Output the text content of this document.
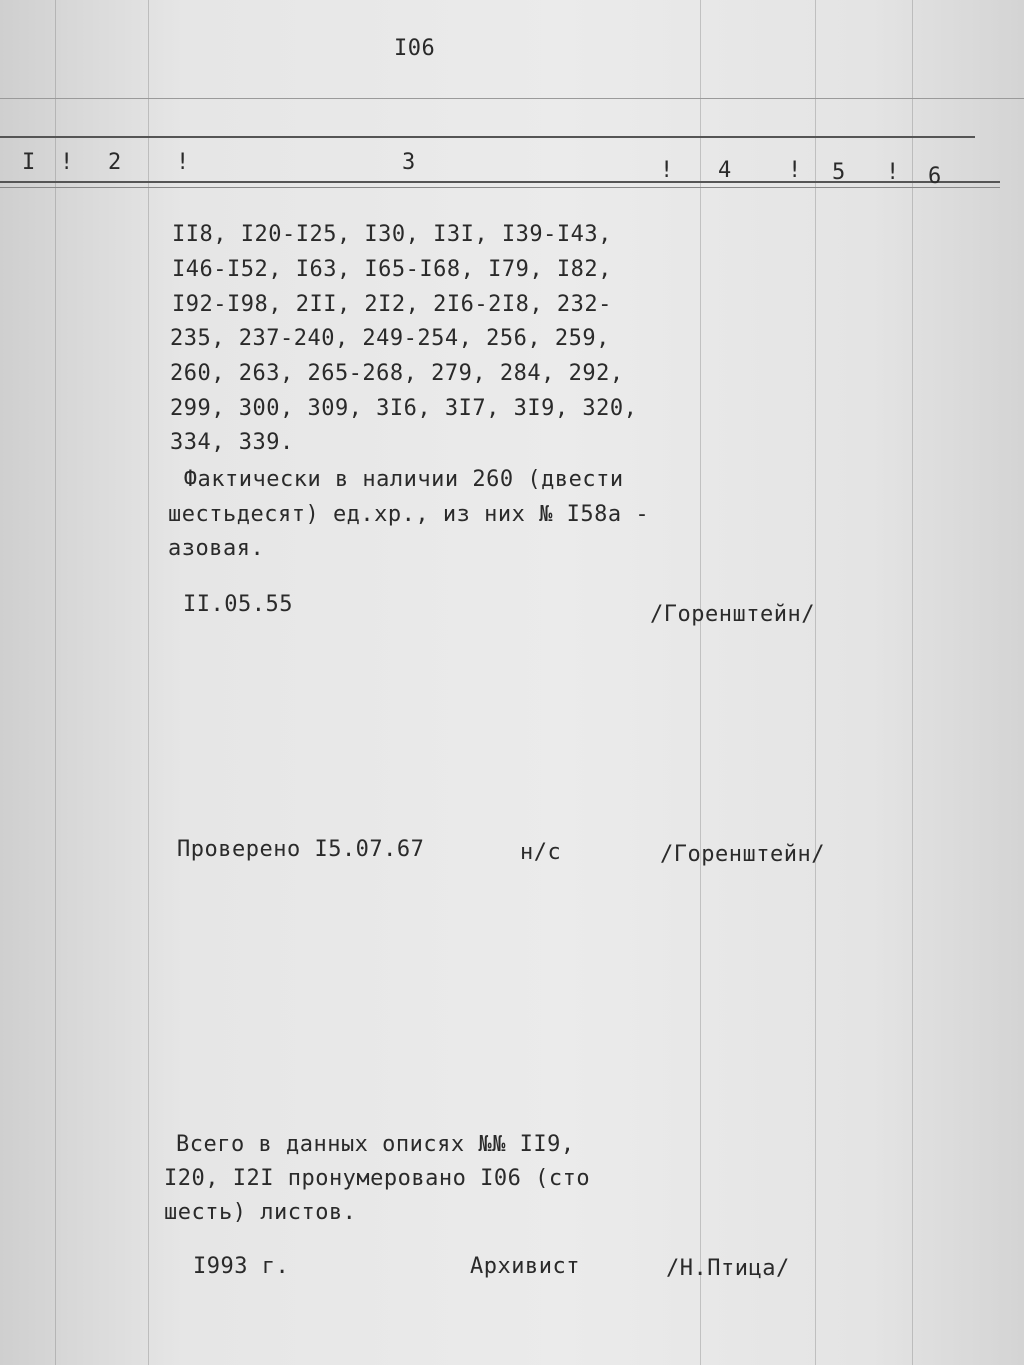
I06
I ! 2 !	3	! 4	! 5 ! 6
II8, I20-I25, I30, I3I, I39-I43,
I46-I52, I63, I65-I68, I79, I82,
I92-I98, 2II, 2I2, 2I6-2I8, 232-
235, 237-240, 249-254, 256, 259,
260, 263, 265-268, 279, 284, 292,
299, 300, 309, 3I6, 3I7, 3I9, 320,
334, 339.
Фактически в наличии 260 (двести
шестьдесят) ед.хр., из них № I58а -
азовая.
II.05.55	/Горенштейн/
Проверено I5.07.67	н/с	/Горенштейн/
Всего в данных описях №№ II9,
I20, I2I пронумеровано I06 (сто
шесть) листов.
I993 г.	Архивист	/Н.Птица/
